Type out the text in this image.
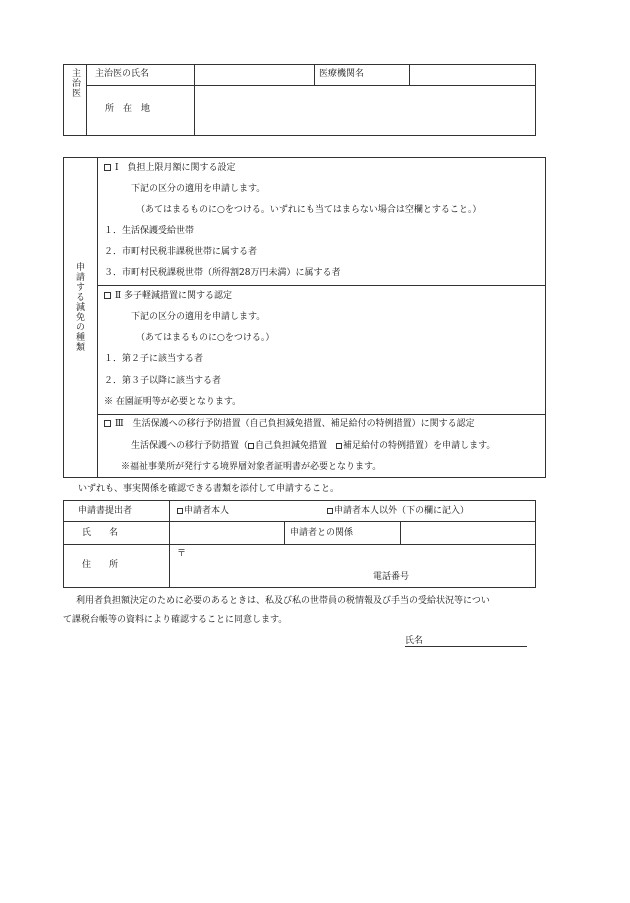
主治医 主治医の氏名	医療機関名
所　在　地
申請する減免の種類
Ⅰ　負担上限月額に関する設定
下記の区分の適用を申請します。
（あてはまるものに○をつける。いずれにも当てはまらない場合は空欄とすること。）
１．生活保護受給世帯
２．市町村民税非課税世帯に属する者
３．市町村民税課税世帯（所得割28万円未満）に属する者
Ⅱ 多子軽減措置に関する認定
下記の区分の適用を申請します。
（あてはまるものに○をつける。）
１．第２子に該当する者
２．第３子以降に該当する者
※ 在園証明等が必要となります。
Ⅲ　生活保護への移行予防措置（自己負担減免措置、補足給付の特例措置）に関する認定
生活保護への移行予防措置（ 自己負担減免措置　 補足給付の特例措置）を申請します。
※福祉事業所が発行する境界層対象者証明書が必要となります。
いずれも、事実関係を確認できる書類を添付して申請すること。
申請書提出者	申請者本人	申請者本人以外（下の欄に記入）
氏　　名	申請者との関係
住　　所
〒
電話番号
利用者負担額決定のために必要のあるときは、私及び私の世帯員の税情報及び手当の受給状況等につい
て課税台帳等の資料により確認することに同意します。
氏名
